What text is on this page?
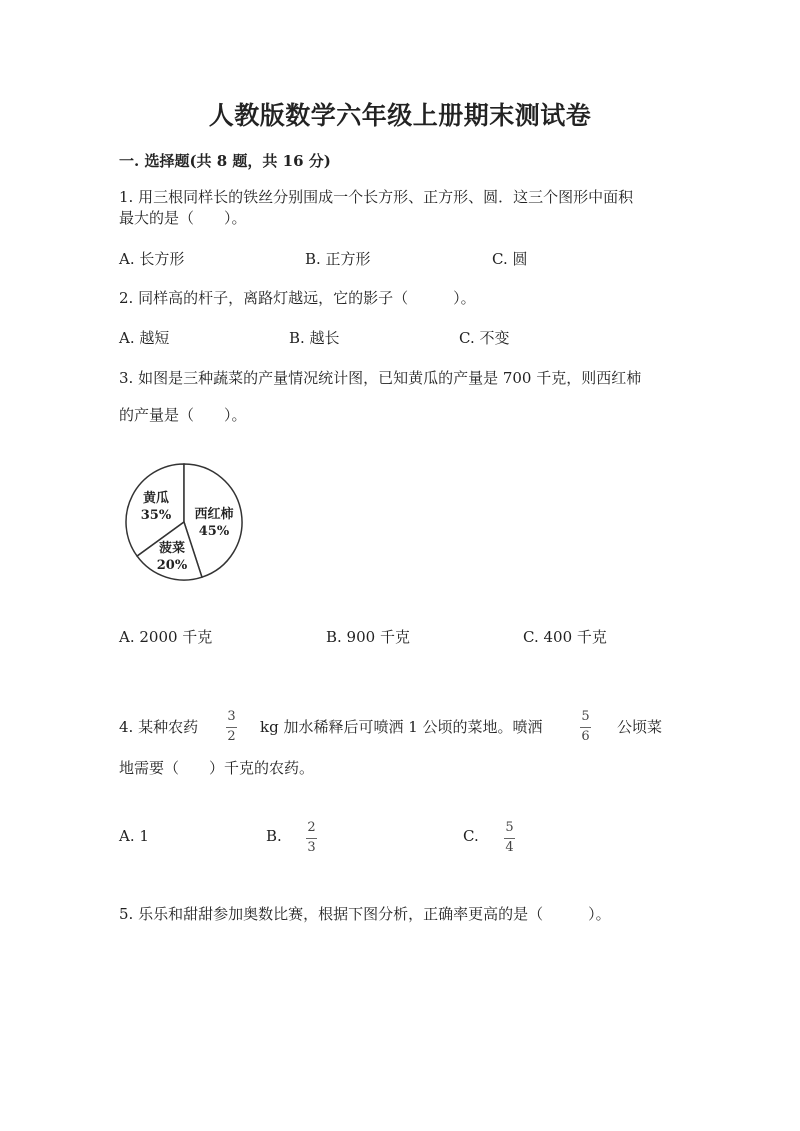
人教版数学六年级上册期末测试卷
一. 选择题(共 8 题，共 16 分)
1. 用三根同样长的铁丝分别围成一个长方形、正方形、圆．这三个图形中面积
最大的是（　　）。
A. 长方形	B. 正方形	C. 圆
2. 同样高的杆子，离路灯越远，它的影子（　　　）。
A. 越短	B. 越长	C. 不变
3. 如图是三种蔬菜的产量情况统计图，已知黄瓜的产量是 700 千克，则西红柿
的产量是（　　）。
黄瓜
35% 西红柿
45%
菠菜
20%
A. 2000 千克	B. 900 千克	C. 400 千克
4. 某种农药
3
2
kg 加水稀释后可喷洒 1 公顷的菜地。喷洒
5
6
公顷菜
地需要（　　）千克的农药。
A. 1	B. 2
3
C. 5
4
5. 乐乐和甜甜参加奥数比赛，根据下图分析，正确率更高的是（　　　）。
